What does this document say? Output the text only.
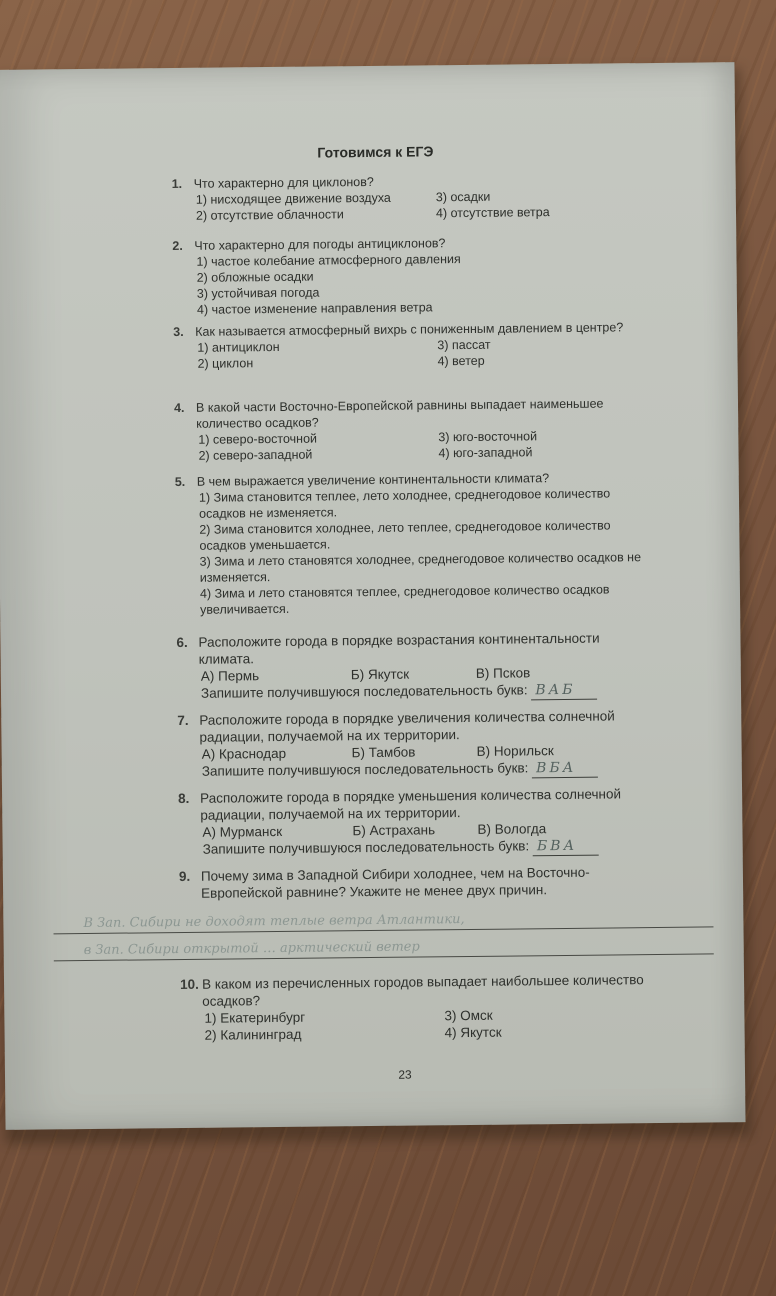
Готовимся к ЕГЭ
1. Что характерно для циклонов?
1) нисходящее движение воздуха	3) осадки
2) отсутствие облачности	4) отсутствие ветра
2. Что характерно для погоды антициклонов?
1) частое колебание атмосферного давления
2) обложные осадки
3) устойчивая погода
4) частое изменение направления ветра
3. Как называется атмосферный вихрь с пониженным давлением в центре?
1) антициклон	3) пассат
2) циклон	4) ветер
4. В какой части Восточно-Европейской равнины выпадает наименьшее количество осадков?
1) северо-восточной	3) юго-восточной
2) северо-западной	4) юго-западной
5. В чем выражается увеличение континентальности климата?
1) Зима становится теплее, лето холоднее, среднегодовое количество осадков не изменяется.
2) Зима становится холоднее, лето теплее, среднегодовое количество осадков уменьшается.
3) Зима и лето становятся холоднее, среднегодовое количество осадков не изменяется.
4) Зима и лето становятся теплее, среднегодовое количество осадков увеличивается.
6. Расположите города в порядке возрастания континентальности климата.
А) Пермь	Б) Якутск	В) Псков
Запишите получившуюся последовательность букв: ВАБ
7. Расположите города в порядке увеличения количества солнечной радиации, получаемой на их территории.
А) Краснодар	Б) Тамбов	В) Норильск
Запишите получившуюся последовательность букв: ВБА
8. Расположите города в порядке уменьшения количества солнечной радиации, получаемой на их территории.
А) Мурманск	Б) Астрахань	В) Вологда
Запишите получившуюся последовательность букв: БВА
9. Почему зима в Западной Сибири холоднее, чем на Восточно-Европейской равнине? Укажите не менее двух причин.
В Зап. Сибири не доходят теплые ветра Атлантики,
в Зап. Сибири открытой … арктический ветер
10. В каком из перечисленных городов выпадает наибольшее количество осадков?
1) Екатеринбург	3) Омск
2) Калининград	4) Якутск
23
